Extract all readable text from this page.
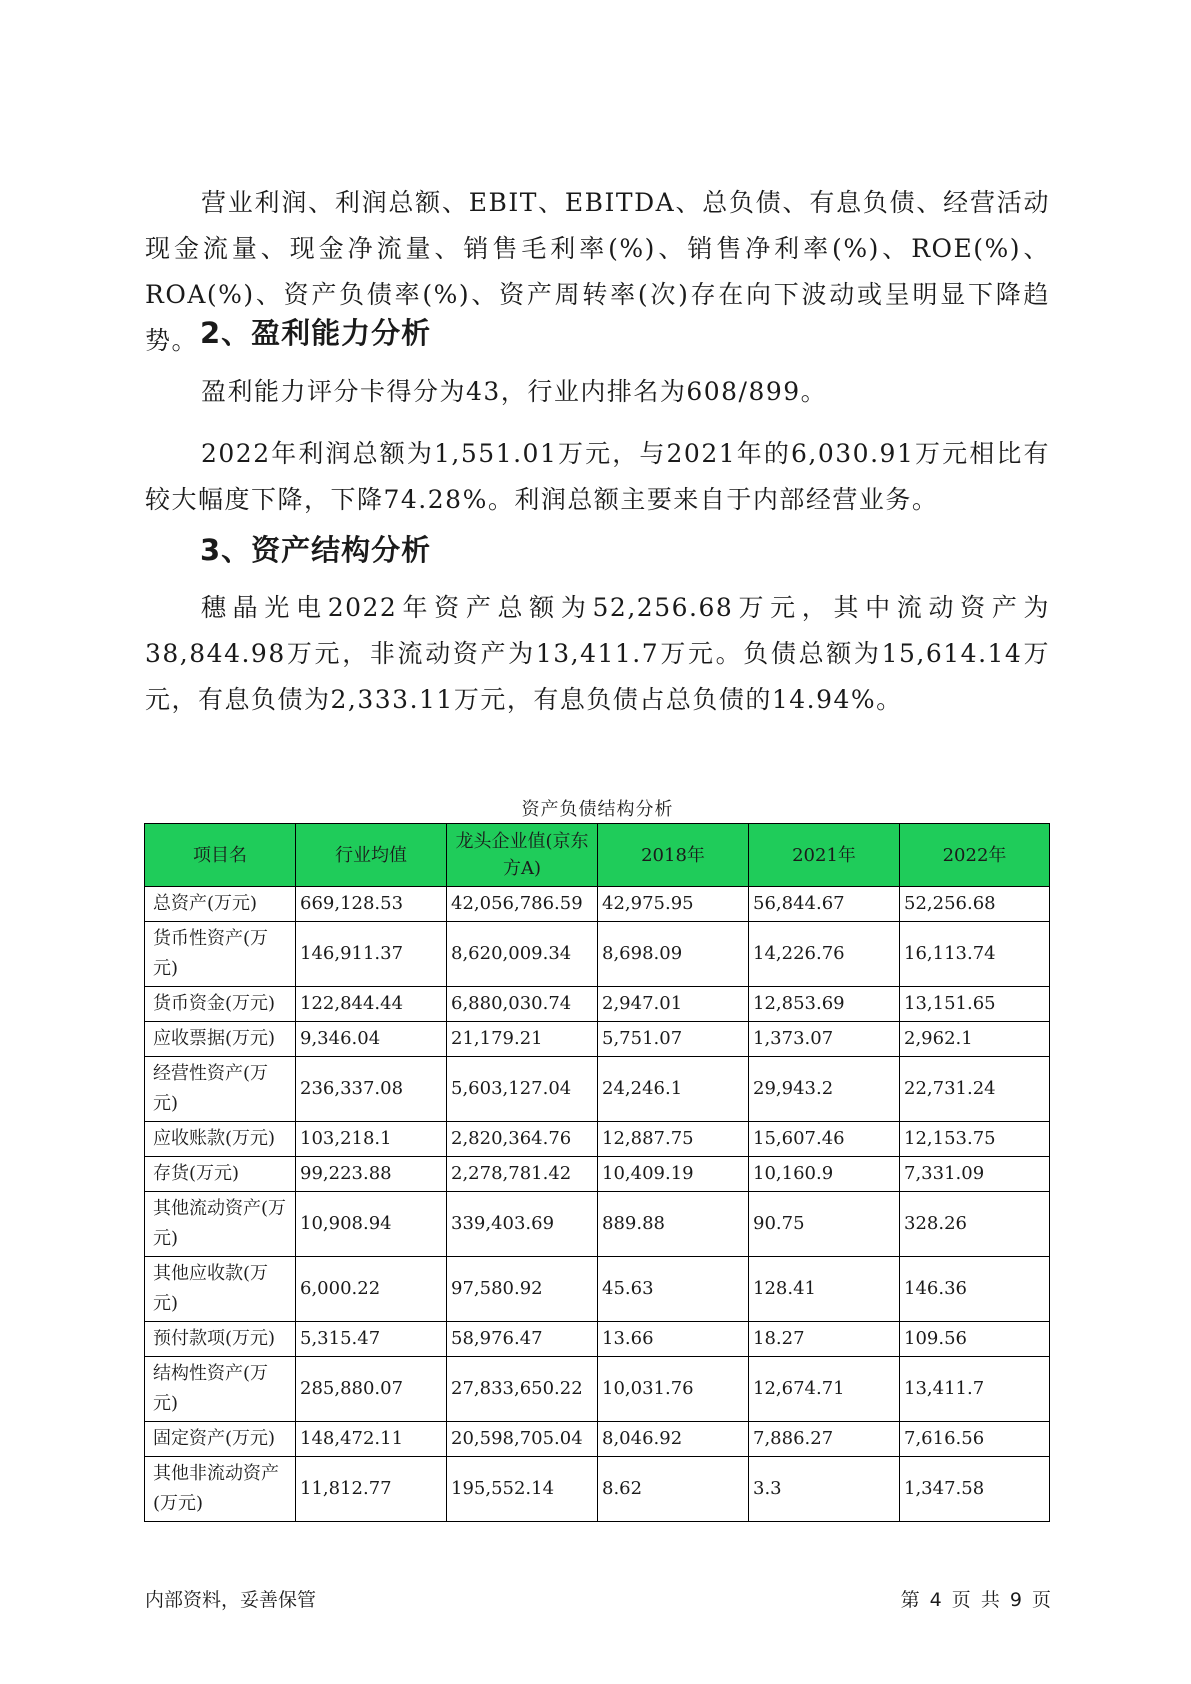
营业利润、利润总额、EBIT、EBITDA、总负债、有息负债、经营活动现金流量、现金净流量、销售毛利率(%)、销售净利率(%)、ROE(%)、ROA(%)、资产负债率(%)、资产周转率(次)存在向下波动或呈明显下降趋势。 2、盈利能力分析

盈利能力评分卡得分为43，行业内排名为608/899。

2022年利润总额为1,551.01万元，与2021年的6,030.91万元相比有较大幅度下降，下降74.28%。利润总额主要来自于内部经营业务。

3、资产结构分析

穗晶光电2022年资产总额为52,256.68万元，其中流动资产为38,844.98万元，非流动资产为13,411.7万元。负债总额为15,614.14万元，有息负债为2,333.11万元，有息负债占总负债的14.94%。

资产负债结构分析
项目名	行业均值	龙头企业值(京东方A)	2018年	2021年	2022年
总资产(万元)	669,128.53	42,056,786.59	42,975.95	56,844.67	52,256.68
货币性资产(万元)	146,911.37	8,620,009.34	8,698.09	14,226.76	16,113.74
货币资金(万元)	122,844.44	6,880,030.74	2,947.01	12,853.69	13,151.65
应收票据(万元)	9,346.04	21,179.21	5,751.07	1,373.07	2,962.1
经营性资产(万元)	236,337.08	5,603,127.04	24,246.1	29,943.2	22,731.24
应收账款(万元)	103,218.1	2,820,364.76	12,887.75	15,607.46	12,153.75
存货(万元)	99,223.88	2,278,781.42	10,409.19	10,160.9	7,331.09
其他流动资产(万元)	10,908.94	339,403.69	889.88	90.75	328.26
其他应收款(万元)	6,000.22	97,580.92	45.63	128.41	146.36
预付款项(万元)	5,315.47	58,976.47	13.66	18.27	109.56
结构性资产(万元)	285,880.07	27,833,650.22	10,031.76	12,674.71	13,411.7
固定资产(万元)	148,472.11	20,598,705.04	8,046.92	7,886.27	7,616.56
其他非流动资产(万元)	11,812.77	195,552.14	8.62	3.3	1,347.58
内部资料，妥善保管	第 4 页 共 9 页
